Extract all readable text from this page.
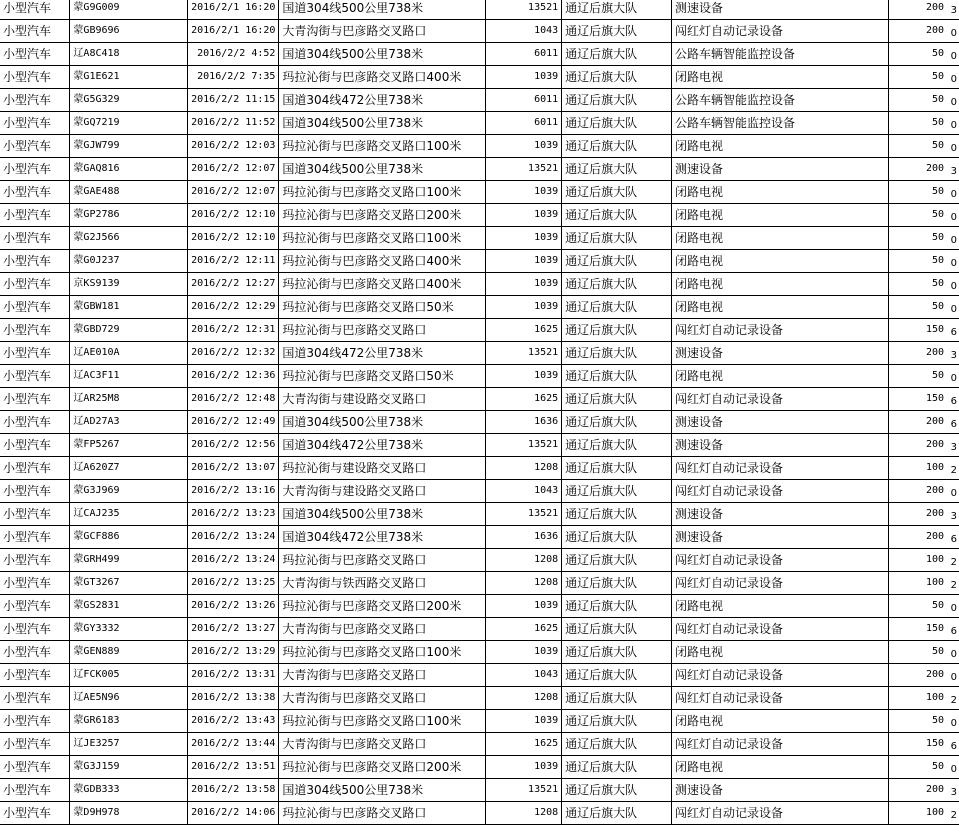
小型汽车	蒙G9G009	2016/2/1 16:20	国道304线500公里738米	13521	通辽后旗大队	测速设备	200 3

小型汽车	蒙GB9696	2016/2/1 16:20	大青沟街与巴彦路交叉路口	1043	通辽后旗大队	闯红灯自动记录设备	200 0

小型汽车	辽A8C418	2016/2/2 4:52	国道304线500公里738米	6011	通辽后旗大队	公路车辆智能监控设备	50 0

小型汽车	蒙G1E621	2016/2/2 7:35	玛拉沁街与巴彦路交叉路口400米	1039	通辽后旗大队	闭路电视	50 0

小型汽车	蒙G5G329	2016/2/2 11:15	国道304线472公里738米	6011	通辽后旗大队	公路车辆智能监控设备	50 0

小型汽车	蒙GQ7219	2016/2/2 11:52	国道304线500公里738米	6011	通辽后旗大队	公路车辆智能监控设备	50 0

小型汽车	蒙GJW799	2016/2/2 12:03	玛拉沁街与巴彦路交叉路口100米	1039	通辽后旗大队	闭路电视	50 0

小型汽车	蒙GAQ816	2016/2/2 12:07	国道304线500公里738米	13521	通辽后旗大队	测速设备	200 3

小型汽车	蒙GAE488	2016/2/2 12:07	玛拉沁街与巴彦路交叉路口100米	1039	通辽后旗大队	闭路电视	50 0

小型汽车	蒙GP2786	2016/2/2 12:10	玛拉沁街与巴彦路交叉路口200米	1039	通辽后旗大队	闭路电视	50 0

小型汽车	蒙G2J566	2016/2/2 12:10	玛拉沁街与巴彦路交叉路口100米	1039	通辽后旗大队	闭路电视	50 0

小型汽车	蒙G0J237	2016/2/2 12:11	玛拉沁街与巴彦路交叉路口400米	1039	通辽后旗大队	闭路电视	50 0

小型汽车	京KS9139	2016/2/2 12:27	玛拉沁街与巴彦路交叉路口400米	1039	通辽后旗大队	闭路电视	50 0

小型汽车	蒙GBW181	2016/2/2 12:29	玛拉沁街与巴彦路交叉路口50米	1039	通辽后旗大队	闭路电视	50 0

小型汽车	蒙GBD729	2016/2/2 12:31	玛拉沁街与巴彦路交叉路口	1625	通辽后旗大队	闯红灯自动记录设备	150 6

小型汽车	辽AE010A	2016/2/2 12:32	国道304线472公里738米	13521	通辽后旗大队	测速设备	200 3

小型汽车	辽AC3F11	2016/2/2 12:36	玛拉沁街与巴彦路交叉路口50米	1039	通辽后旗大队	闭路电视	50 0

小型汽车	辽AR25M8	2016/2/2 12:48	大青沟街与建设路交叉路口	1625	通辽后旗大队	闯红灯自动记录设备	150 6

小型汽车	辽AD27A3	2016/2/2 12:49	国道304线500公里738米	1636	通辽后旗大队	测速设备	200 6

小型汽车	蒙FP5267	2016/2/2 12:56	国道304线472公里738米	13521	通辽后旗大队	测速设备	200 3

小型汽车	辽A620Z7	2016/2/2 13:07	玛拉沁街与建设路交叉路口	1208	通辽后旗大队	闯红灯自动记录设备	100 2

小型汽车	蒙G3J969	2016/2/2 13:16	大青沟街与建设路交叉路口	1043	通辽后旗大队	闯红灯自动记录设备	200 0

小型汽车	辽CAJ235	2016/2/2 13:23	国道304线500公里738米	13521	通辽后旗大队	测速设备	200 3

小型汽车	蒙GCF886	2016/2/2 13:24	国道304线472公里738米	1636	通辽后旗大队	测速设备	200 6

小型汽车	蒙GRH499	2016/2/2 13:24	玛拉沁街与巴彦路交叉路口	1208	通辽后旗大队	闯红灯自动记录设备	100 2

小型汽车	蒙GT3267	2016/2/2 13:25	大青沟街与铁西路交叉路口	1208	通辽后旗大队	闯红灯自动记录设备	100 2

小型汽车	蒙GS2831	2016/2/2 13:26	玛拉沁街与巴彦路交叉路口200米	1039	通辽后旗大队	闭路电视	50 0

小型汽车	蒙GY3332	2016/2/2 13:27	大青沟街与巴彦路交叉路口	1625	通辽后旗大队	闯红灯自动记录设备	150 6

小型汽车	蒙GEN889	2016/2/2 13:29	玛拉沁街与巴彦路交叉路口100米	1039	通辽后旗大队	闭路电视	50 0

小型汽车	辽FCK005	2016/2/2 13:31	大青沟街与巴彦路交叉路口	1043	通辽后旗大队	闯红灯自动记录设备	200 0

小型汽车	辽AE5N96	2016/2/2 13:38	大青沟街与巴彦路交叉路口	1208	通辽后旗大队	闯红灯自动记录设备	100 2

小型汽车	蒙GR6183	2016/2/2 13:43	玛拉沁街与巴彦路交叉路口100米	1039	通辽后旗大队	闭路电视	50 0

小型汽车	辽JE3257	2016/2/2 13:44	大青沟街与巴彦路交叉路口	1625	通辽后旗大队	闯红灯自动记录设备	150 6

小型汽车	蒙G3J159	2016/2/2 13:51	玛拉沁街与巴彦路交叉路口200米	1039	通辽后旗大队	闭路电视	50 0

小型汽车	蒙GDB333	2016/2/2 13:58	国道304线500公里738米	13521	通辽后旗大队	测速设备	200 3

小型汽车	蒙D9H978	2016/2/2 14:06	玛拉沁街与巴彦路交叉路口	1208	通辽后旗大队	闯红灯自动记录设备	100 2
